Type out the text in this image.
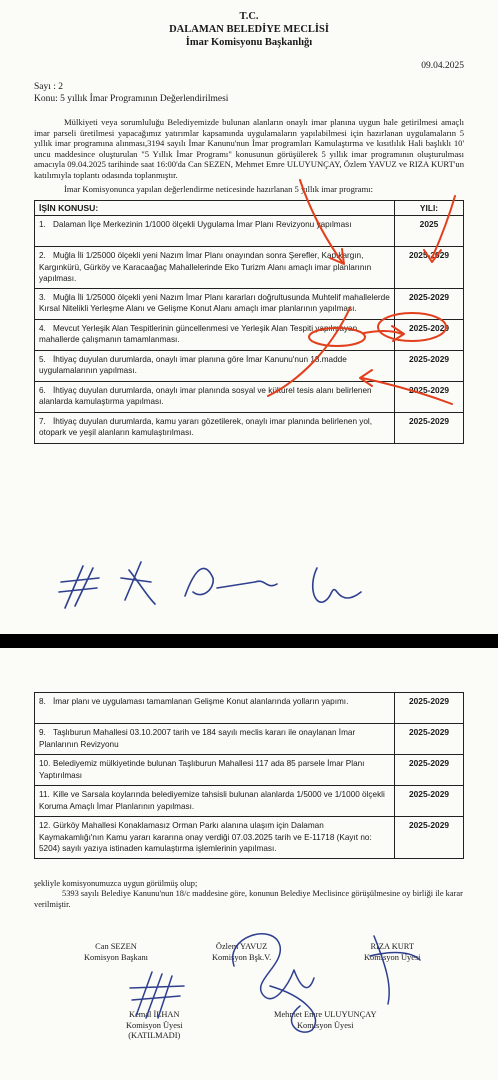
T.C.
DALAMAN BELEDİYE MECLİSİ
İmar Komisyonu Başkanlığı
09.04.2025
Sayı : 2
Konu: 5 yıllık İmar Programının Değerlendirilmesi

Mülkiyeti veya sorumluluğu Belediyemizde bulunan alanların onaylı imar planına uygun hale getirilmesi amaçlı imar parseli üretilmesi yapacağımız yatırımlar kapsamında uygulamaların yapılabilmesi için hazırlanan uygulamaların 5 yıllık imar programına alınması,3194 sayılı İmar Kanunu'nun İmar programları Kamulaştırma ve kısıtlılık Hali başlıklı 10' uncu maddesince oluşturulan "5 Yıllık İmar Programı" konusunun görüşülerek 5 yıllık imar programının oluşturulması amacıyla 09.04.2025 tarihinde saat 16:00'da Can SEZEN, Mehmet Emre ULUYUNÇAY, Özlem YAVUZ ve RIZA KURT'un katılımıyla toplantı odasında toplanmıştır.

İmar Komisyonunca yapılan değerlendirme neticesinde hazırlanan 5 yıllık imar programı:

İŞİN KONUSU:	YILI:
1. Dalaman İlçe Merkezinin 1/1000 ölçekli Uygulama İmar Planı Revizyonu yapılması	2025
2. Muğla İli 1/25000 ölçekli yeni Nazım İmar Planı onayından sonra Şerefler, Kapıkargın, Kargınkürü, Gürköy ve Karacaağaç Mahallelerinde Eko Turizm Alanı amaçlı imar planlarının yapılması.	2025-2029
3. Muğla İli 1/25000 ölçekli yeni Nazım İmar Planı kararları doğrultusunda Muhtelif mahallelerde Kırsal Nitelikli Yerleşme Alanı ve Gelişme Konut Alanı amaçlı imar planlarının yapılması.	2025-2029
4. Mevcut Yerleşik Alan Tespitlerinin güncellenmesi ve Yerleşik Alan Tespiti yapılmayan mahallerde çalışmanın tamamlanması.	2025-2029
5. İhtiyaç duyulan durumlarda, onaylı imar planına göre İmar Kanunu'nun 18.madde uygulamalarının yapılması.	2025-2029
6. İhtiyaç duyulan durumlarda, onaylı imar planında sosyal ve kültürel tesis alanı belirlenen alanlarda kamulaştırma yapılması.	2025-2029
7. İhtiyaç duyulan durumlarda, kamu yararı gözetilerek, onaylı imar planında belirlenen yol, otopark ve yeşil alanların kamulaştırılması.	2025-2029
8. İmar planı ve uygulaması tamamlanan Gelişme Konut alanlarında yolların yapımı.	2025-2029
9. Taşlıburun Mahallesi 03.10.2007 tarih ve 184 sayılı meclis kararı ile onaylanan İmar Planlarının Revizyonu	2025-2029
10. Belediyemiz mülkiyetinde bulunan Taşlıburun Mahallesi 117 ada 85 parsele İmar Planı Yaptırılması	2025-2029
11. Kille ve Sarsala koylarında belediyemize tahsisli bulunan alanlarda 1/5000 ve 1/1000 ölçekli Koruma Amaçlı İmar Planlarının yapılması.	2025-2029
12. Gürköy Mahallesi Konaklamasız Orman Parkı alanına ulaşım için Dalaman Kaymakamlığı'nın Kamu yararı kararına onay verdiği 07.03.2025 tarih ve E-11718 (Kayıt no: 5204) sayılı yazıya istinaden kamulaştırma işlemlerinin yapılması.	2025-2029

şekliyle komisyonumuzca uygun görülmüş olup;

5393 sayılı Belediye Kanunu'nun 18/c maddesine göre, konunun Belediye Meclisince görüşülmesine oy birliği ile karar verilmiştir.

Can SEZEN
Komisyon Başkanı
Özlem YAVUZ
Komisyon Bşk.V.
RIZA KURT
Komisyon Üyesi
Kemal İLHAN
Komisyon Üyesi
(KATILMADI)
Mehmet Emre ULUYUNÇAY
Komisyon Üyesi
